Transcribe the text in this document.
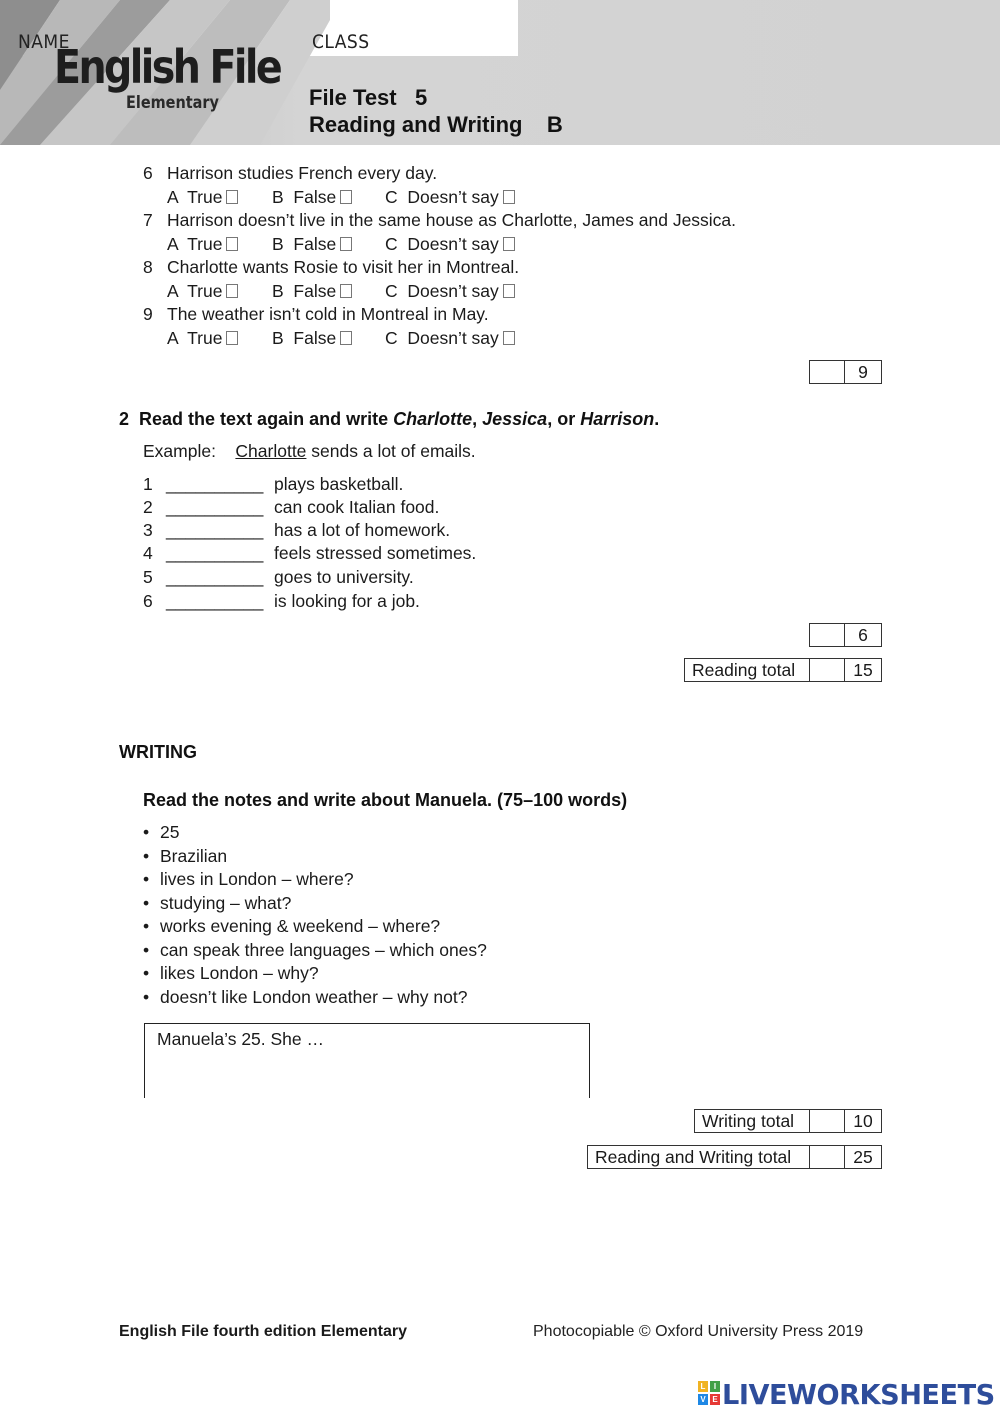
NAME	CLASS
English File
Elementary	File Test   5
Reading and Writing    B
6 Harrison studies French every day.
A  True	B  False	C  Doesn’t say
7 Harrison doesn’t live in the same house as Charlotte, James and Jessica.
A  True	B  False	C  Doesn’t say
8 Charlotte wants Rosie to visit her in Montreal.
A  True	B  False	C  Doesn’t say
9 The weather isn’t cold in Montreal in May.
A  True	B  False	C  Doesn’t say
9
2 Read the text again and write Charlotte, Jessica, or Harrison.
Example: Charlotte sends a lot of emails.
1 __________ plays basketball.
2 __________ can cook Italian food.
3 __________ has a lot of homework.
4 __________ feels stressed sometimes.
5 __________ goes to university.
6 __________ is looking for a job.
6
Reading total	15
WRITING
Read the notes and write about Manuela. (75–100 words)
• 25
• Brazilian
• lives in London – where?
• studying – what?
• works evening & weekend – where?
• can speak three languages – which ones?
• likes London – why?
• doesn’t like London weather – why not?
Manuela’s 25. She …
Writing total	10
Reading and Writing total	25
English File fourth edition Elementary	Photocopiable © Oxford University Press 2019
L	I
V E LIVEWORKSHEETS
